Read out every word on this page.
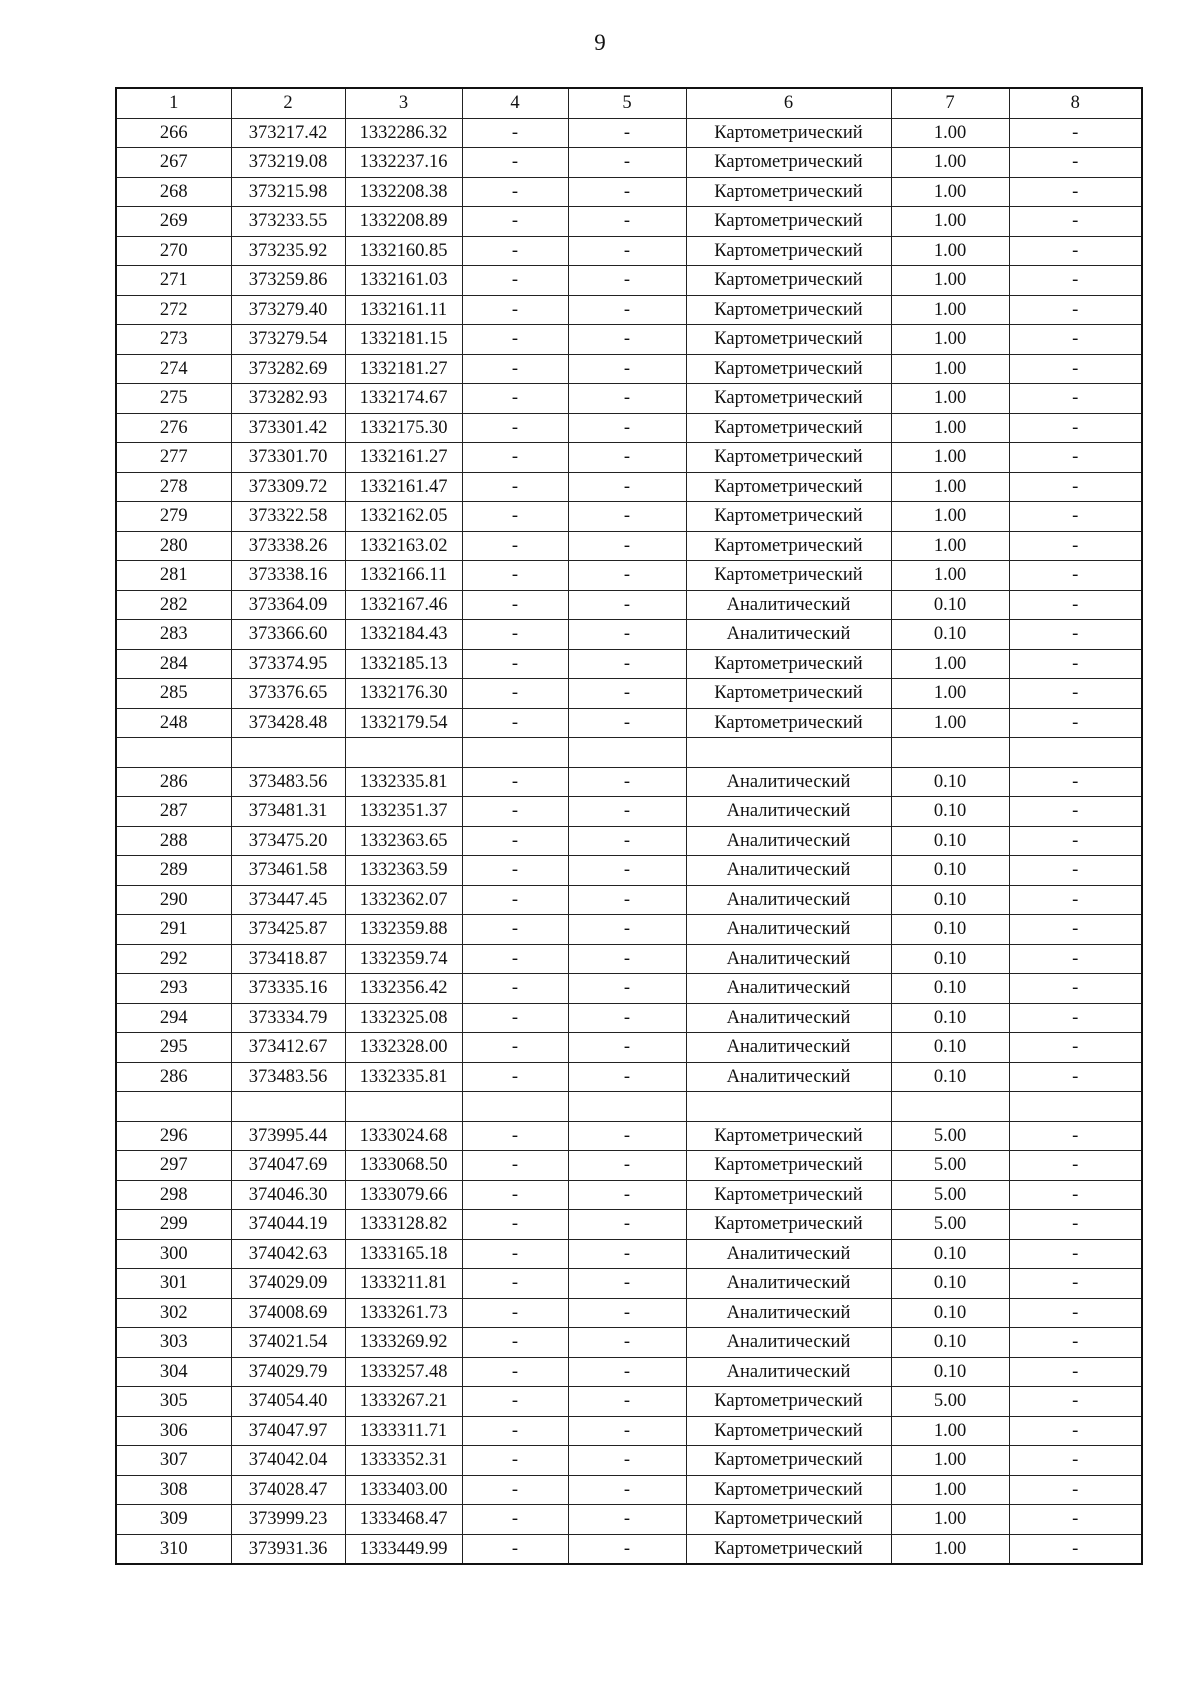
9
1	2	3	4	5	6	7	8
266	373217.42	1332286.32	-	-	Картометрический	1.00	-
267	373219.08	1332237.16	-	-	Картометрический	1.00	-
268	373215.98	1332208.38	-	-	Картометрический	1.00	-
269	373233.55	1332208.89	-	-	Картометрический	1.00	-
270	373235.92	1332160.85	-	-	Картометрический	1.00	-
271	373259.86	1332161.03	-	-	Картометрический	1.00	-
272	373279.40	1332161.11	-	-	Картометрический	1.00	-
273	373279.54	1332181.15	-	-	Картометрический	1.00	-
274	373282.69	1332181.27	-	-	Картометрический	1.00	-
275	373282.93	1332174.67	-	-	Картометрический	1.00	-
276	373301.42	1332175.30	-	-	Картометрический	1.00	-
277	373301.70	1332161.27	-	-	Картометрический	1.00	-
278	373309.72	1332161.47	-	-	Картометрический	1.00	-
279	373322.58	1332162.05	-	-	Картометрический	1.00	-
280	373338.26	1332163.02	-	-	Картометрический	1.00	-
281	373338.16	1332166.11	-	-	Картометрический	1.00	-
282	373364.09	1332167.46	-	-	Аналитический	0.10	-
283	373366.60	1332184.43	-	-	Аналитический	0.10	-
284	373374.95	1332185.13	-	-	Картометрический	1.00	-
285	373376.65	1332176.30	-	-	Картометрический	1.00	-
248	373428.48	1332179.54	-	-	Картометрический	1.00	-

286	373483.56	1332335.81	-	-	Аналитический	0.10	-
287	373481.31	1332351.37	-	-	Аналитический	0.10	-
288	373475.20	1332363.65	-	-	Аналитический	0.10	-
289	373461.58	1332363.59	-	-	Аналитический	0.10	-
290	373447.45	1332362.07	-	-	Аналитический	0.10	-
291	373425.87	1332359.88	-	-	Аналитический	0.10	-
292	373418.87	1332359.74	-	-	Аналитический	0.10	-
293	373335.16	1332356.42	-	-	Аналитический	0.10	-
294	373334.79	1332325.08	-	-	Аналитический	0.10	-
295	373412.67	1332328.00	-	-	Аналитический	0.10	-
286	373483.56	1332335.81	-	-	Аналитический	0.10	-

296	373995.44	1333024.68	-	-	Картометрический	5.00	-
297	374047.69	1333068.50	-	-	Картометрический	5.00	-
298	374046.30	1333079.66	-	-	Картометрический	5.00	-
299	374044.19	1333128.82	-	-	Картометрический	5.00	-
300	374042.63	1333165.18	-	-	Аналитический	0.10	-
301	374029.09	1333211.81	-	-	Аналитический	0.10	-
302	374008.69	1333261.73	-	-	Аналитический	0.10	-
303	374021.54	1333269.92	-	-	Аналитический	0.10	-
304	374029.79	1333257.48	-	-	Аналитический	0.10	-
305	374054.40	1333267.21	-	-	Картометрический	5.00	-
306	374047.97	1333311.71	-	-	Картометрический	1.00	-
307	374042.04	1333352.31	-	-	Картометрический	1.00	-
308	374028.47	1333403.00	-	-	Картометрический	1.00	-
309	373999.23	1333468.47	-	-	Картометрический	1.00	-
310	373931.36	1333449.99	-	-	Картометрический	1.00	-
